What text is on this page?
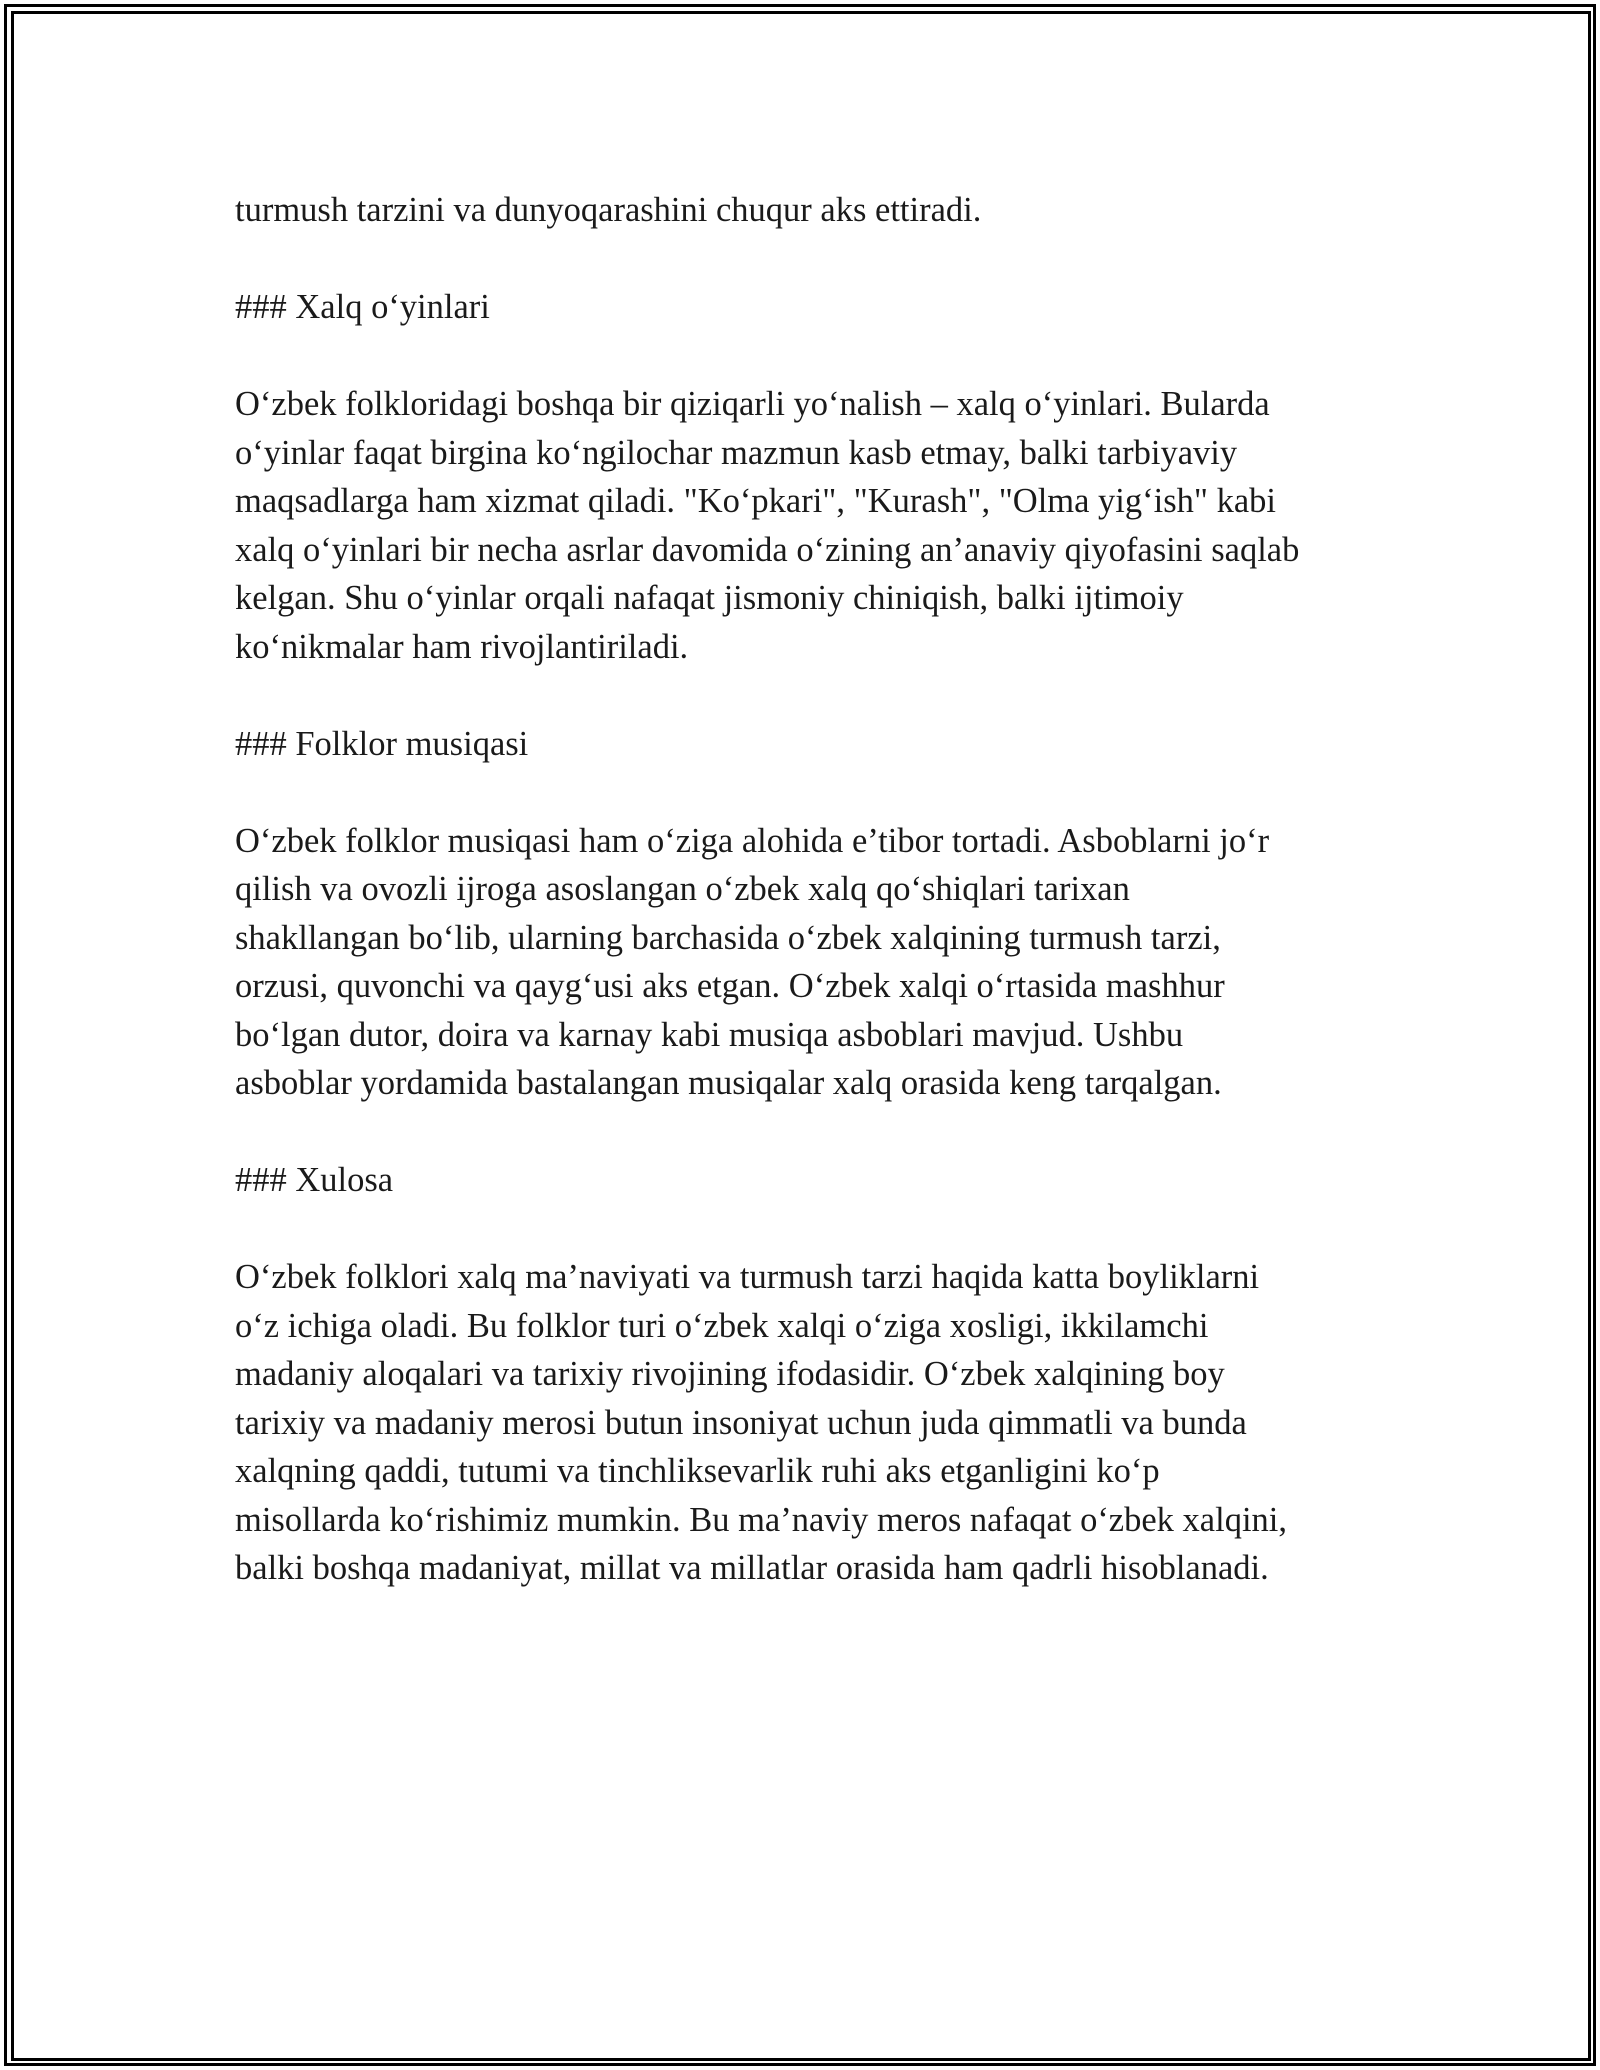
turmush tarzini va dunyoqarashini chuqur aks ettiradi.

### Xalq o‘yinlari

O‘zbek folkloridagi boshqa bir qiziqarli yo‘nalish – xalq o‘yinlari. Bularda
o‘yinlar faqat birgina ko‘ngilochar mazmun kasb etmay, balki tarbiyaviy
maqsadlarga ham xizmat qiladi. "Ko‘pkari", "Kurash", "Olma yig‘ish" kabi
xalq o‘yinlari bir necha asrlar davomida o‘zining an’anaviy qiyofasini saqlab
kelgan. Shu o‘yinlar orqali nafaqat jismoniy chiniqish, balki ijtimoiy
ko‘nikmalar ham rivojlantiriladi.

### Folklor musiqasi

O‘zbek folklor musiqasi ham o‘ziga alohida e’tibor tortadi. Asboblarni jo‘r
qilish va ovozli ijroga asoslangan o‘zbek xalq qo‘shiqlari tarixan
shakllangan bo‘lib, ularning barchasida o‘zbek xalqining turmush tarzi,
orzusi, quvonchi va qayg‘usi aks etgan. O‘zbek xalqi o‘rtasida mashhur
bo‘lgan dutor, doira va karnay kabi musiqa asboblari mavjud. Ushbu
asboblar yordamida bastalangan musiqalar xalq orasida keng tarqalgan.

### Xulosa

O‘zbek folklori xalq ma’naviyati va turmush tarzi haqida katta boyliklarni
o‘z ichiga oladi. Bu folklor turi o‘zbek xalqi o‘ziga xosligi, ikkilamchi
madaniy aloqalari va tarixiy rivojining ifodasidir. O‘zbek xalqining boy
tarixiy va madaniy merosi butun insoniyat uchun juda qimmatli va bunda
xalqning qaddi, tutumi va tinchliksevarlik ruhi aks etganligini ko‘p
misollarda ko‘rishimiz mumkin. Bu ma’naviy meros nafaqat o‘zbek xalqini,
balki boshqa madaniyat, millat va millatlar orasida ham qadrli hisoblanadi.
